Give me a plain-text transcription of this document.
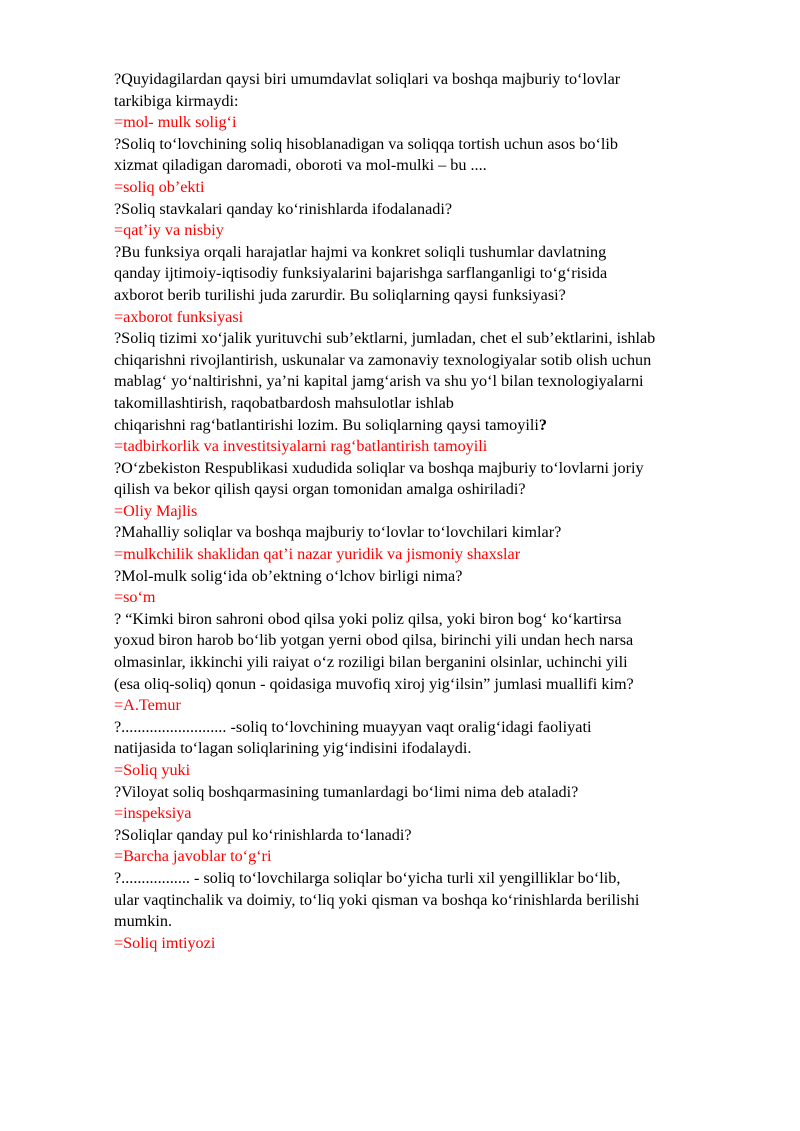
?Quyidagilardan qaysi biri umumdavlat soliqlari va boshqa majburiy to‘lovlar

tarkibiga kirmaydi:

=mol- mulk solig‘i

?Soliq to‘lovchining soliq hisoblanadigan va soliqqa tortish uchun asos bo‘lib

xizmat qiladigan daromadi, oboroti va mol-mulki – bu ....

=soliq ob’ekti

?Soliq stavkalari qanday ko‘rinishlarda ifodalanadi?

=qat’iy va nisbiy

?Bu funksiya orqali harajatlar hajmi va konkret soliqli tushumlar davlatning

qanday ijtimoiy-iqtisodiy funksiyalarini bajarishga sarflanganligi to‘g‘risida

axborot berib turilishi juda zarurdir. Bu soliqlarning qaysi funksiyasi?

=axborot funksiyasi

?Soliq tizimi xo‘jalik yurituvchi sub’ektlarni, jumladan, chet el sub’ektlarini, ishlab

chiqarishni rivojlantirish, uskunalar va zamonaviy texnologiyalar sotib olish uchun

mablag‘ yo‘naltirishni, ya’ni kapital jamg‘arish va shu yo‘l bilan texnologiyalarni

takomillashtirish, raqobatbardosh mahsulotlar ishlab

chiqarishni rag‘batlantirishi lozim. Bu soliqlarning qaysi tamoyili?

=tadbirkorlik va investitsiyalarni rag‘batlantirish tamoyili

?O‘zbekiston Respublikasi xududida soliqlar va boshqa majburiy to‘lovlarni joriy

qilish va bekor qilish qaysi organ tomonidan amalga oshiriladi?

=Oliy Majlis

?Mahalliy soliqlar va boshqa majburiy to‘lovlar to‘lovchilari kimlar?

=mulkchilik shaklidan qat’i nazar yuridik va jismoniy shaxslar

?Mol-mulk solig‘ida ob’ektning o‘lchov birligi nima?

=so‘m

? “Kimki biron sahroni obod qilsa yoki poliz qilsa, yoki biron bog‘ ko‘kartirsa

yoxud biron harob bo‘lib yotgan yerni obod qilsa, birinchi yili undan hech narsa

olmasinlar, ikkinchi yili raiyat o‘z roziligi bilan berganini olsinlar, uchinchi yili

(esa oliq-soliq) qonun - qoidasiga muvofiq xiroj yig‘ilsin” jumlasi muallifi kim?

=A.Temur

?.......................... -soliq to‘lovchining muayyan vaqt oralig‘idagi faoliyati

natijasida to‘lagan soliqlarining yig‘indisini ifodalaydi.

=Soliq yuki

?Viloyat soliq boshqarmasining tumanlardagi bo‘limi nima deb ataladi?

=inspeksiya

?Soliqlar qanday pul ko‘rinishlarda to‘lanadi?

=Barcha javoblar to‘g‘ri

?................. - soliq to‘lovchilarga soliqlar bo‘yicha turli xil yengilliklar bo‘lib,

ular vaqtinchalik va doimiy, to‘liq yoki qisman va boshqa ko‘rinishlarda berilishi

mumkin.

=Soliq imtiyozi
